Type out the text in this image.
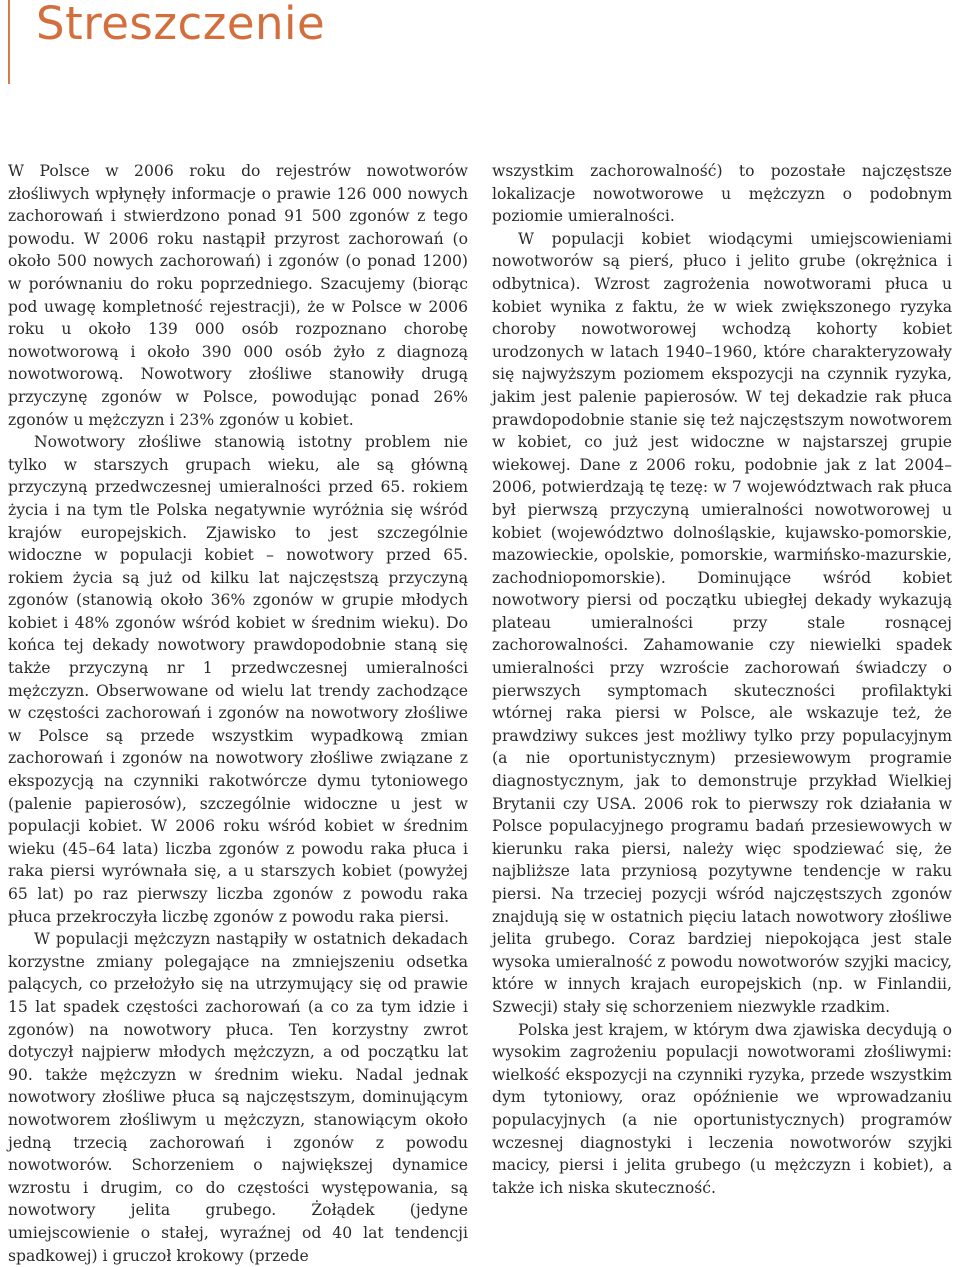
Streszczenie

W Polsce w 2006 roku do rejestrów nowotworów złośliwych wpłynęły informacje o prawie 126 000 nowych zachorowań i stwierdzono ponad 91 500 zgonów z tego powodu. W 2006 roku nastąpił przyrost zachorowań (o około 500 nowych zachorowań) i zgonów (o ponad 1200) w porównaniu do roku poprzedniego. Szacujemy (biorąc pod uwagę kompletność rejestracji), że w Polsce w 2006 roku u około 139 000 osób rozpoznano chorobę nowotworową i około 390 000 osób żyło z diagnozą nowotworową. Nowotwory złośliwe stanowiły drugą przyczynę zgonów w Polsce, powodując ponad 26% zgonów u mężczyzn i 23% zgonów u kobiet.

Nowotwory złośliwe stanowią istotny problem nie tylko w starszych grupach wieku, ale są główną przyczyną przedwczesnej umieralności przed 65. rokiem życia i na tym tle Polska negatywnie wyróżnia się wśród krajów europejskich. Zjawisko to jest szczególnie widoczne w populacji kobiet – nowotwory przed 65. rokiem życia są już od kilku lat najczęstszą przyczyną zgonów (stanowią około 36% zgonów w grupie młodych kobiet i 48% zgonów wśród kobiet w średnim wieku). Do końca tej dekady nowotwory prawdopodobnie staną się także przyczyną nr 1 przedwczesnej umieralności mężczyzn. Obserwowane od wielu lat trendy zachodzące w częstości zachorowań i zgonów na nowotwory złośliwe w Polsce są przede wszystkim wypadkową zmian zachorowań i zgonów na nowotwory złośliwe związane z ekspozycją na czynniki rakotwórcze dymu tytoniowego (palenie papierosów), szczególnie widoczne u jest w populacji kobiet. W 2006 roku wśród kobiet w średnim wieku (45–64 lata) liczba zgonów z powodu raka płuca i raka piersi wyrównała się, a u starszych kobiet (powyżej 65 lat) po raz pierwszy liczba zgonów z powodu raka płuca przekroczyła liczbę zgonów z powodu raka piersi.

W populacji mężczyzn nastąpiły w ostatnich dekadach korzystne zmiany polegające na zmniejszeniu odsetka palących, co przełożyło się na utrzymujący się od prawie 15 lat spadek częstości zachorowań (a co za tym idzie i zgonów) na nowotwory płuca. Ten korzystny zwrot dotyczył najpierw młodych mężczyzn, a od początku lat 90. także mężczyzn w średnim wieku. Nadal jednak nowotwory złośliwe płuca są najczęstszym, dominującym nowotworem złośliwym u mężczyzn, stanowiącym około jedną trzecią zachorowań i zgonów z powodu nowotworów. Schorzeniem o największej dynamice wzrostu i drugim, co do częstości występowania, są nowotwory jelita grubego. Żołądek (jedyne umiejscowienie o stałej, wyraźnej od 40 lat tendencji spadkowej) i gruczoł krokowy (przede

wszystkim zachorowalność) to pozostałe najczęstsze lokalizacje nowotworowe u mężczyzn o podobnym poziomie umieralności.

W populacji kobiet wiodącymi umiejscowieniami nowotworów są pierś, płuco i jelito grube (okrężnica i odbytnica). Wzrost zagrożenia nowotworami płuca u kobiet wynika z faktu, że w wiek zwiększonego ryzyka choroby nowotworowej wchodzą kohorty kobiet urodzonych w latach 1940–1960, które charakteryzowały się najwyższym poziomem ekspozycji na czynnik ryzyka, jakim jest palenie papierosów. W tej dekadzie rak płuca prawdopodobnie stanie się też najczęstszym nowotworem w kobiet, co już jest widoczne w najstarszej grupie wiekowej. Dane z 2006 roku, podobnie jak z lat 2004–2006, potwierdzają tę tezę: w 7 województwach rak płuca był pierwszą przyczyną umieralności nowotworowej u kobiet (województwo dolnośląskie, kujawsko-pomorskie, mazowieckie, opolskie, pomorskie, warmińsko-mazurskie, zachodniopomorskie). Dominujące wśród kobiet nowotwory piersi od początku ubiegłej dekady wykazują plateau umieralności przy stale rosnącej zachorowalności. Zahamowanie czy niewielki spadek umieralności przy wzroście zachorowań świadczy o pierwszych symptomach skuteczności profilaktyki wtórnej raka piersi w Polsce, ale wskazuje też, że prawdziwy sukces jest możliwy tylko przy populacyjnym (a nie oportunistycznym) przesiewowym programie diagnostycznym, jak to demonstruje przykład Wielkiej Brytanii czy USA. 2006 rok to pierwszy rok działania w Polsce populacyjnego programu badań przesiewowych w kierunku raka piersi, należy więc spodziewać się, że najbliższe lata przyniosą pozytywne tendencje w raku piersi. Na trzeciej pozycji wśród najczęstszych zgonów znajdują się w ostatnich pięciu latach nowotwory złośliwe jelita grubego. Coraz bardziej niepokojąca jest stale wysoka umieralność z powodu nowotworów szyjki macicy, które w innych krajach europejskich (np. w Finlandii, Szwecji) stały się schorzeniem niezwykle rzadkim.

Polska jest krajem, w którym dwa zjawiska decydują o wysokim zagrożeniu populacji nowotworami złośliwymi: wielkość ekspozycji na czynniki ryzyka, przede wszystkim dym tytoniowy, oraz opóźnienie we wprowadzaniu populacyjnych (a nie oportunistycznych) programów wczesnej diagnostyki i leczenia nowotworów szyjki macicy, piersi i jelita grubego (u mężczyzn i kobiet), a także ich niska skuteczność.
